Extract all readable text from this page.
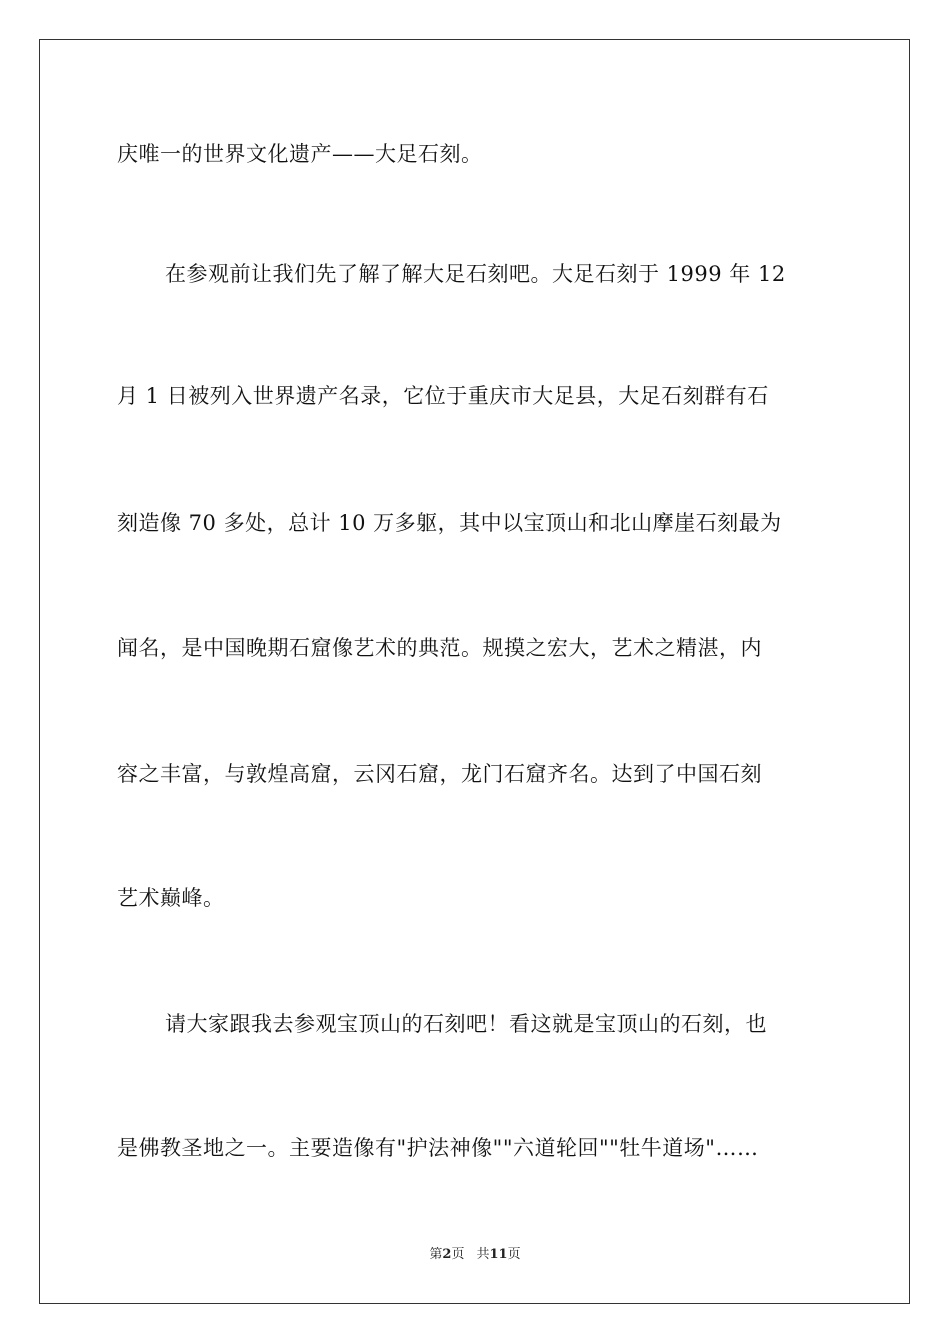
庆唯一的世界文化遗产——大足石刻。
在参观前让我们先了解了解大足石刻吧。大足石刻于 1999 年 12
月 1 日被列入世界遗产名录，它位于重庆市大足县，大足石刻群有石
刻造像 70 多处，总计 10 万多躯，其中以宝顶山和北山摩崖石刻最为
闻名，是中国晚期石窟像艺术的典范。规摸之宏大，艺术之精湛，内
容之丰富，与敦煌高窟，云冈石窟，龙门石窟齐名。达到了中国石刻
艺术巅峰。
请大家跟我去参观宝顶山的石刻吧！看这就是宝顶山的石刻，也
是佛教圣地之一。主要造像有"护法神像""六道轮回""牡牛道场"……
第2页 共11页
